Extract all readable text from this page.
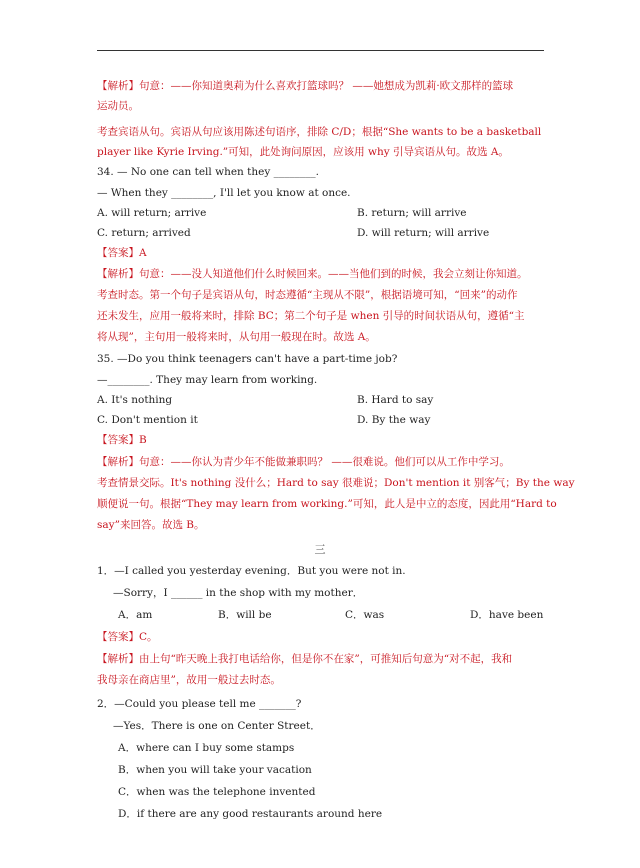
【解析】句意：——你知道奥莉为什么喜欢打篮球吗？ ——她想成为凯莉·欧文那样的篮球
运动员。
考查宾语从句。宾语从句应该用陈述句语序，排除 C/D；根据“She wants to be a basketball
player like Kyrie Irving.”可知，此处询问原因，应该用 why 引导宾语从句。故选 A。
34. — No one can tell when they ________.
— When they ________, I'll let you know at once.
A. will return; arrive	B. return; will arrive
C. return; arrived	D. will return; will arrive
【答案】A
【解析】句意：——没人知道他们什么时候回来。——当他们到的时候，我会立刻让你知道。
考查时态。第一个句子是宾语从句，时态遵循“主现从不限”，根据语境可知，“回来”的动作
还未发生，应用一般将来时，排除 BC；第二个句子是 when 引导的时间状语从句，遵循“主
将从现”，主句用一般将来时，从句用一般现在时。故选 A。
35. —Do you think teenagers can't have a part-time job?
—________. They may learn from working.
A. It's nothing	B. Hard to say
C. Don't mention it	D. By the way
【答案】B
【解析】句意：——你认为青少年不能做兼职吗？ ——很难说。他们可以从工作中学习。
考查情景交际。It's nothing 没什么；Hard to say 很难说；Don't mention it 别客气；By the way
顺便说一句。根据“They may learn from working.”可知，此人是中立的态度，因此用“Hard to
say”来回答。故选 B。
三
1．—I called you yesterday evening．But you were not in.
—Sorry，I ______ in the shop with my mother．
A．am	B．will be	C．was	D．have been
【答案】C。
【解析】由上句“昨天晚上我打电话给你，但是你不在家”，可推知后句意为“对不起，我和
我母亲在商店里”，故用一般过去时态。
2．—Could you please tell me _______?
—Yes．There is one on Center Street．
A．where can I buy some stamps
B．when you will take your vacation
C．when was the telephone invented
D．if there are any good restaurants around here
